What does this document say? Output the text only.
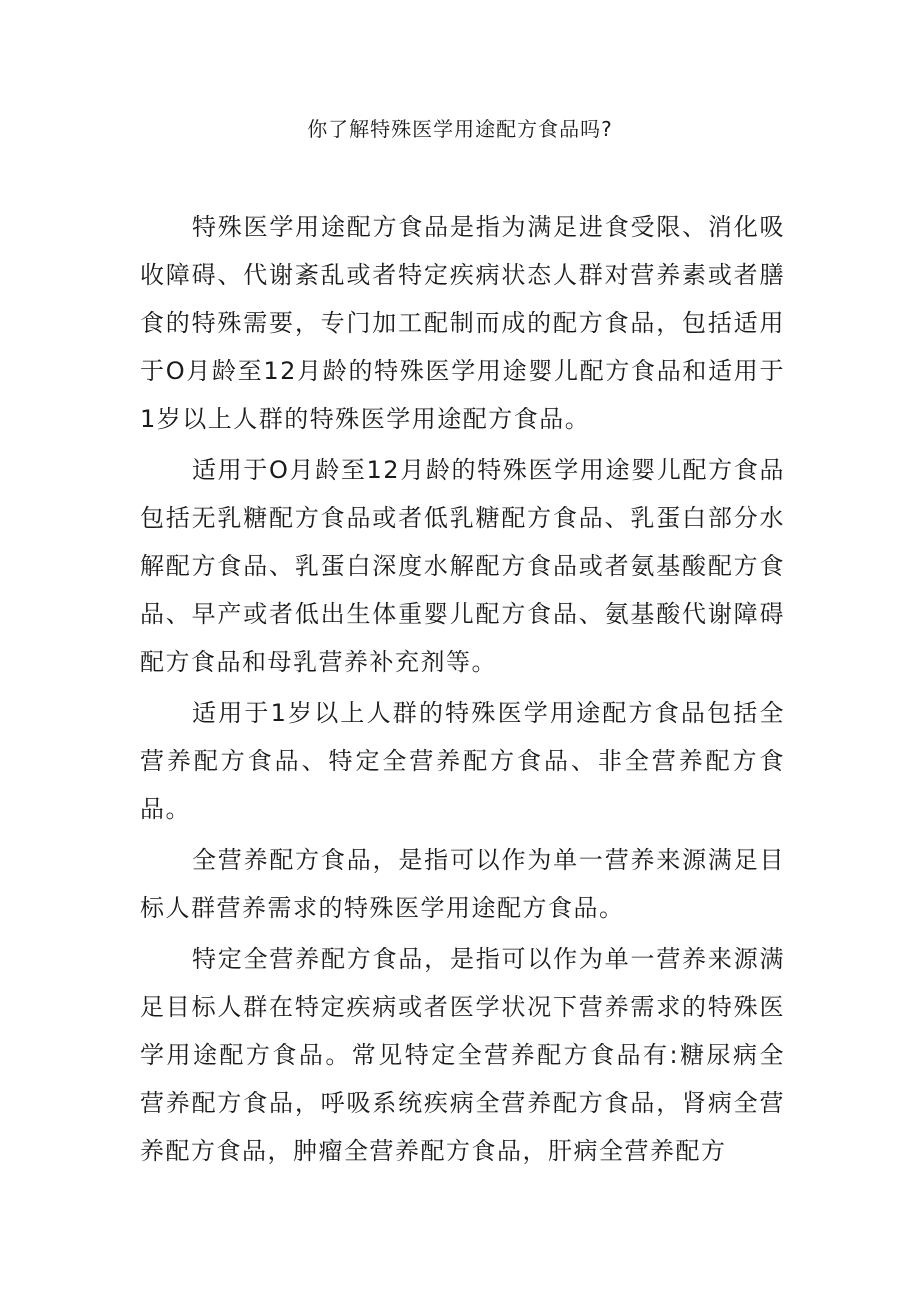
你了解特殊医学用途配方食品吗?

特殊医学用途配方食品是指为满足进食受限、消化吸收障碍、代谢紊乱或者特定疾病状态人群对营养素或者膳食的特殊需要，专门加工配制而成的配方食品，包括适用于O月龄至12月龄的特殊医学用途婴儿配方食品和适用于1岁以上人群的特殊医学用途配方食品。

适用于O月龄至12月龄的特殊医学用途婴儿配方食品包括无乳糖配方食品或者低乳糖配方食品、乳蛋白部分水解配方食品、乳蛋白深度水解配方食品或者氨基酸配方食品、早产或者低出生体重婴儿配方食品、氨基酸代谢障碍配方食品和母乳营养补充剂等。

适用于1岁以上人群的特殊医学用途配方食品包括全营养配方食品、特定全营养配方食品、非全营养配方食品。

全营养配方食品，是指可以作为单一营养来源满足目标人群营养需求的特殊医学用途配方食品。

特定全营养配方食品，是指可以作为单一营养来源满足目标人群在特定疾病或者医学状况下营养需求的特殊医学用途配方食品。常见特定全营养配方食品有:糖尿病全营养配方食品，呼吸系统疾病全营养配方食品，肾病全营养配方食品，肿瘤全营养配方食品，肝病全营养配方
